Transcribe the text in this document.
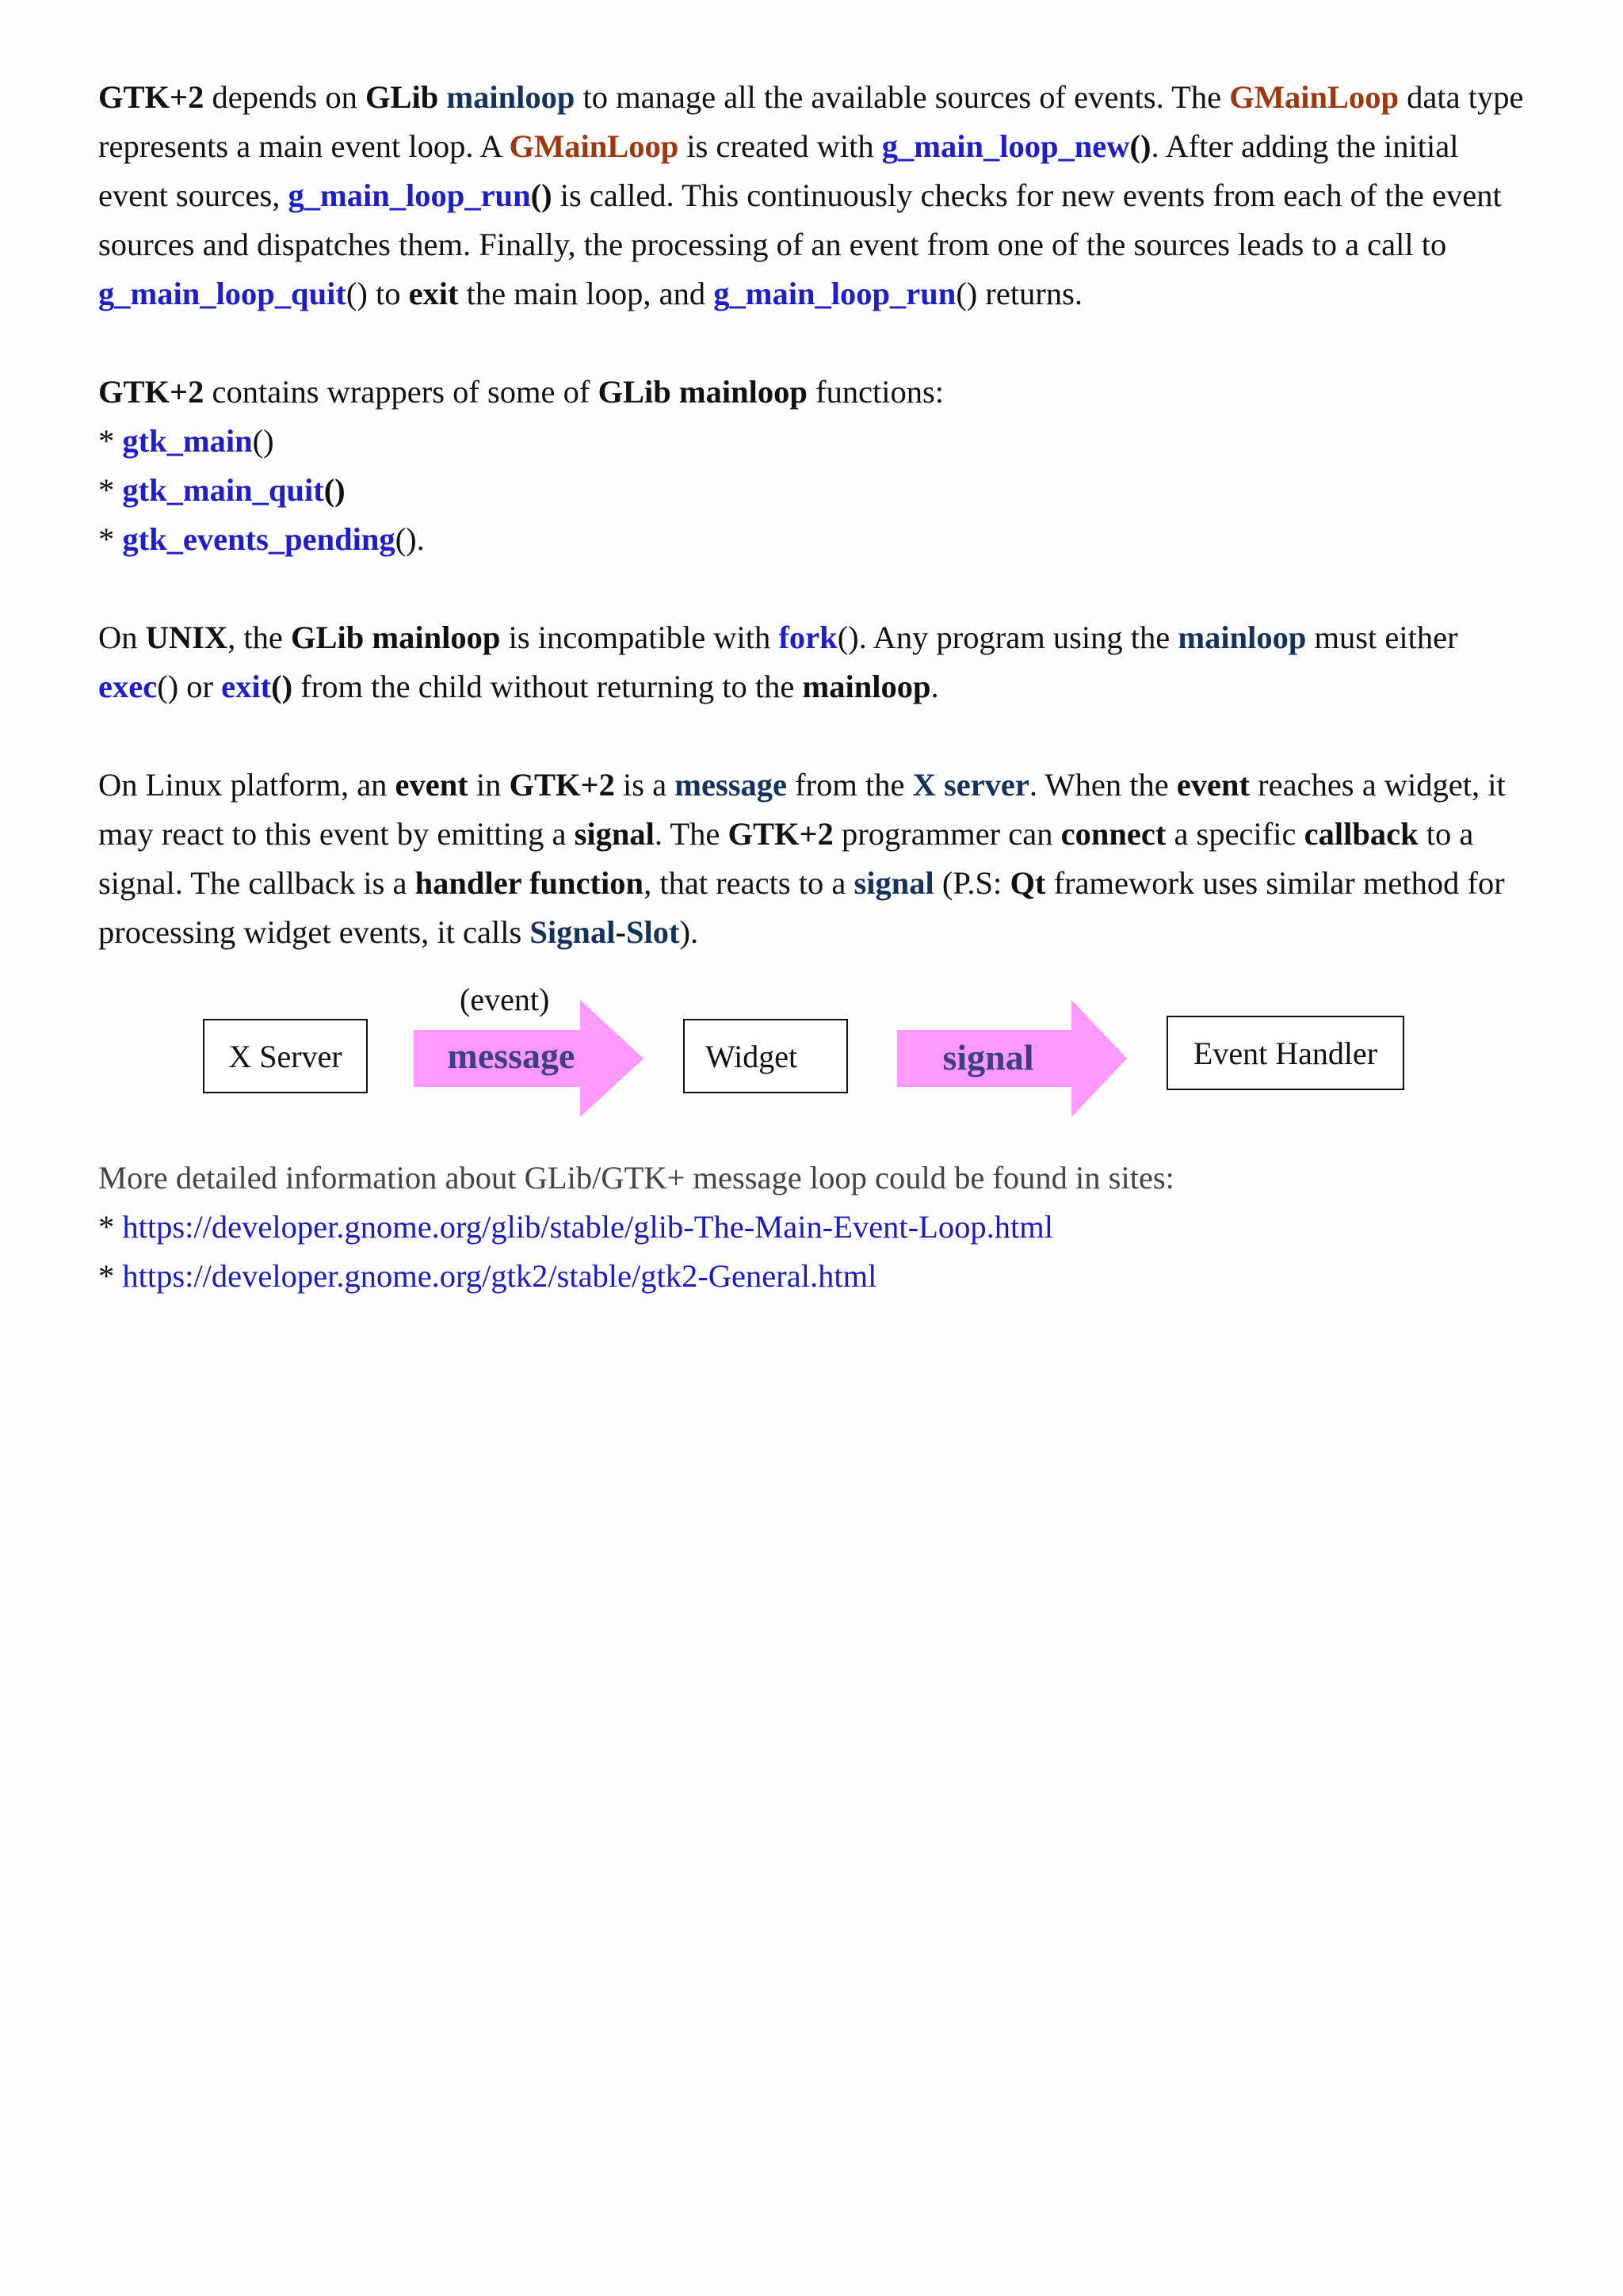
GTK+2 depends on GLib mainloop to manage all the available sources of events. The GMainLoop data type represents a main event loop. A GMainLoop is created with g_main_loop_new(). After adding the initial event sources, g_main_loop_run() is called. This continuously checks for new events from each of the event sources and dispatches them. Finally, the processing of an event from one of the sources leads to a call to g_main_loop_quit() to exit the main loop, and g_main_loop_run() returns.

GTK+2 contains wrappers of some of GLib mainloop functions:
* gtk_main()
* gtk_main_quit()
* gtk_events_pending().

On UNIX, the GLib mainloop is incompatible with fork(). Any program using the mainloop must either exec() or exit() from the child without returning to the mainloop.

On Linux platform, an event in GTK+2 is a message from the X server. When the event reaches a widget, it may react to this event by emitting a signal. The GTK+2 programmer can connect a specific callback to a signal. The callback is a handler function, that reacts to a signal (P.S: Qt framework uses similar method for processing widget events, it calls Signal-Slot).

X Server
(event)
message	Widget	signal	Event Handler
More detailed information about GLib/GTK+ message loop could be found in sites:
* https://developer.gnome.org/glib/stable/glib-The-Main-Event-Loop.html
* https://developer.gnome.org/gtk2/stable/gtk2-General.html
